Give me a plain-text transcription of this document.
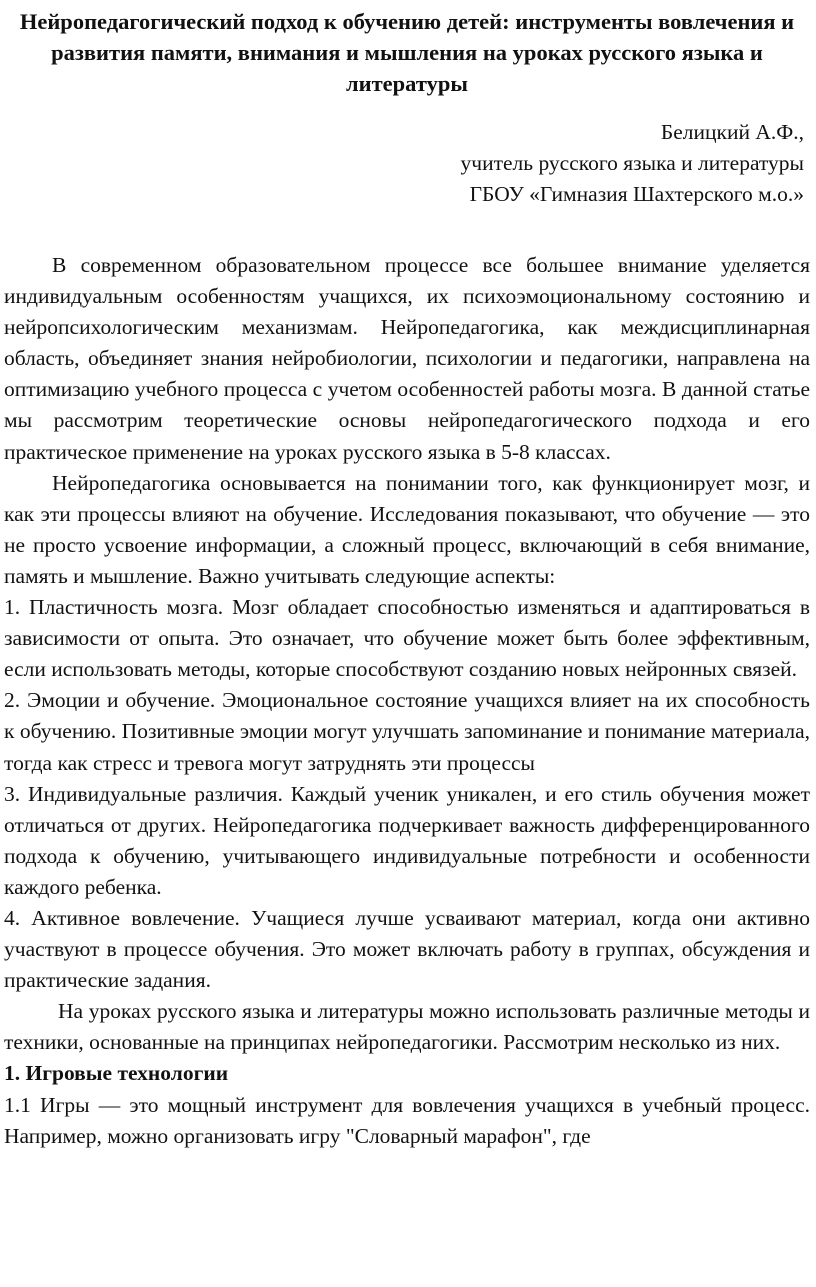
Нейропедагогический подход к обучению детей: инструменты вовлечения и развития памяти, внимания и мышления на уроках русского языка и литературы
Белицкий А.Ф.,
учитель русского языка и литературы
ГБОУ «Гимназия Шахтерского м.о.»

В современном образовательном процессе все большее внимание уделяется индивидуальным особенностям учащихся, их психоэмоциональному состоянию и нейропсихологическим механизмам. Нейропедагогика, как междисциплинарная область, объединяет знания нейробиологии, психологии и педагогики, направлена на оптимизацию учебного процесса с учетом особенностей работы мозга. В данной статье мы рассмотрим теоретические основы нейропедагогического подхода и его практическое применение на уроках русского языка в 5-8 классах.

Нейропедагогика основывается на понимании того, как функционирует мозг, и как эти процессы влияют на обучение. Исследования показывают, что обучение — это не просто усвоение информации, а сложный процесс, включающий в себя внимание, память и мышление. Важно учитывать следующие аспекты:

1. Пластичность мозга. Мозг обладает способностью изменяться и адаптироваться в зависимости от опыта. Это означает, что обучение может быть более эффективным, если использовать методы, которые способствуют созданию новых нейронных связей.

2. Эмоции и обучение. Эмоциональное состояние учащихся влияет на их способность к обучению. Позитивные эмоции могут улучшать запоминание и понимание материала, тогда как стресс и тревога могут затруднять эти процессы

3. Индивидуальные различия. Каждый ученик уникален, и его стиль обучения может отличаться от других. Нейропедагогика подчеркивает важность дифференцированного подхода к обучению, учитывающего индивидуальные потребности и особенности каждого ребенка.

4. Активное вовлечение. Учащиеся лучше усваивают материал, когда они активно участвуют в процессе обучения. Это может включать работу в группах, обсуждения и практические задания.

На уроках русского языка и литературы можно использовать различные методы и техники, основанные на принципах нейропедагогики. Рассмотрим несколько из них.

1. Игровые технологии

1.1 Игры — это мощный инструмент для вовлечения учащихся в учебный процесс. Например, можно организовать игру "Словарный марафон", где
